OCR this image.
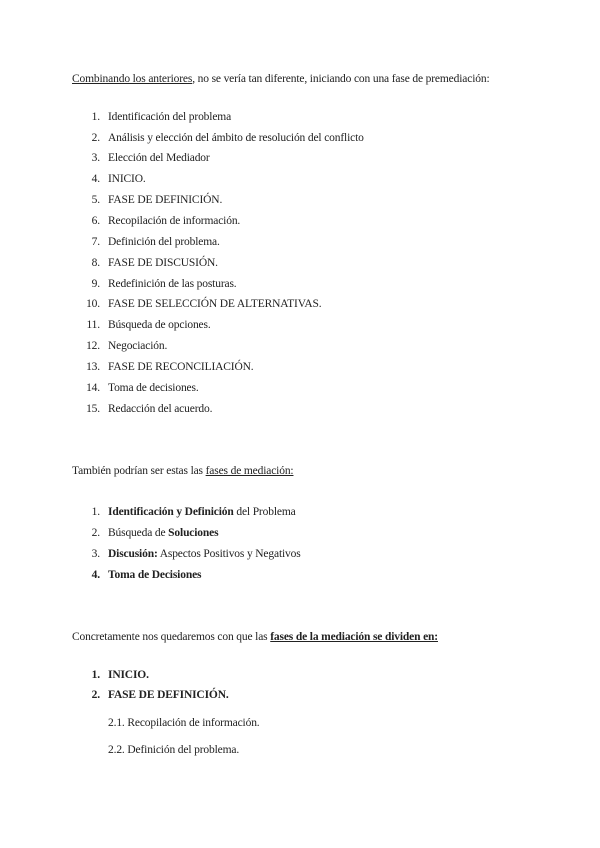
Combinando los anteriores, no se vería tan diferente, iniciando con una fase de premediación:
1. Identificación del problema
2. Análisis y elección del ámbito de resolución del conflicto
3. Elección del Mediador
4. INICIO.
5. FASE DE DEFINICIÓN.
6. Recopilación de información.
7. Definición del problema.
8. FASE DE DISCUSIÓN.
9. Redefinición de las posturas.
10. FASE DE SELECCIÓN DE ALTERNATIVAS.
11. Búsqueda de opciones.
12. Negociación.
13. FASE DE RECONCILIACIÓN.
14. Toma de decisiones.
15. Redacción del acuerdo.
También podrían ser estas las fases de mediación:
1. Identificación y Definición del Problema
2. Búsqueda de Soluciones
3. Discusión: Aspectos Positivos y Negativos
4. Toma de Decisiones
Concretamente nos quedaremos con que las fases de la mediación se dividen en:
1. INICIO.
2. FASE DE DEFINICIÓN.
2.1. Recopilación de información.
2.2. Definición del problema.
